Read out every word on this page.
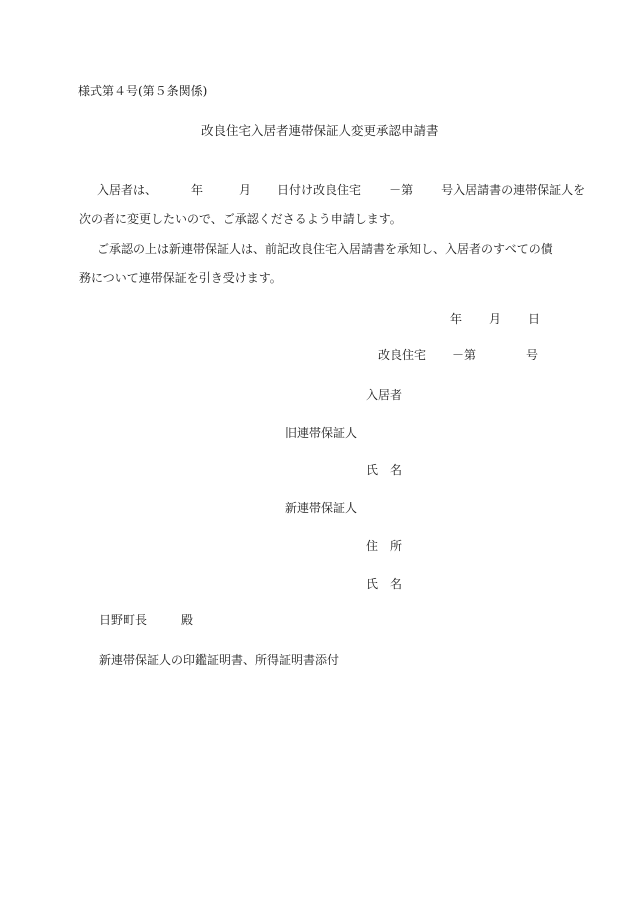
様式第４号(第５条関係)
改良住宅入居者連帯保証人変更承認申請書
入居者は、	年	月 日付け改良住宅 －第 号入居請書の連帯保証人を
次の者に変更したいので、ご承認くださるよう申請します。
ご承認の上は新連帯保証人は、前記改良住宅入居請書を承知し、入居者のすべての債
務について連帯保証を引き受けます。
年 月 日
改良住宅 －第	号
入居者
旧連帯保証人
氏 名
新連帯保証人
住 所
氏 名
日野町長	殿
新連帯保証人の印鑑証明書、所得証明書添付
